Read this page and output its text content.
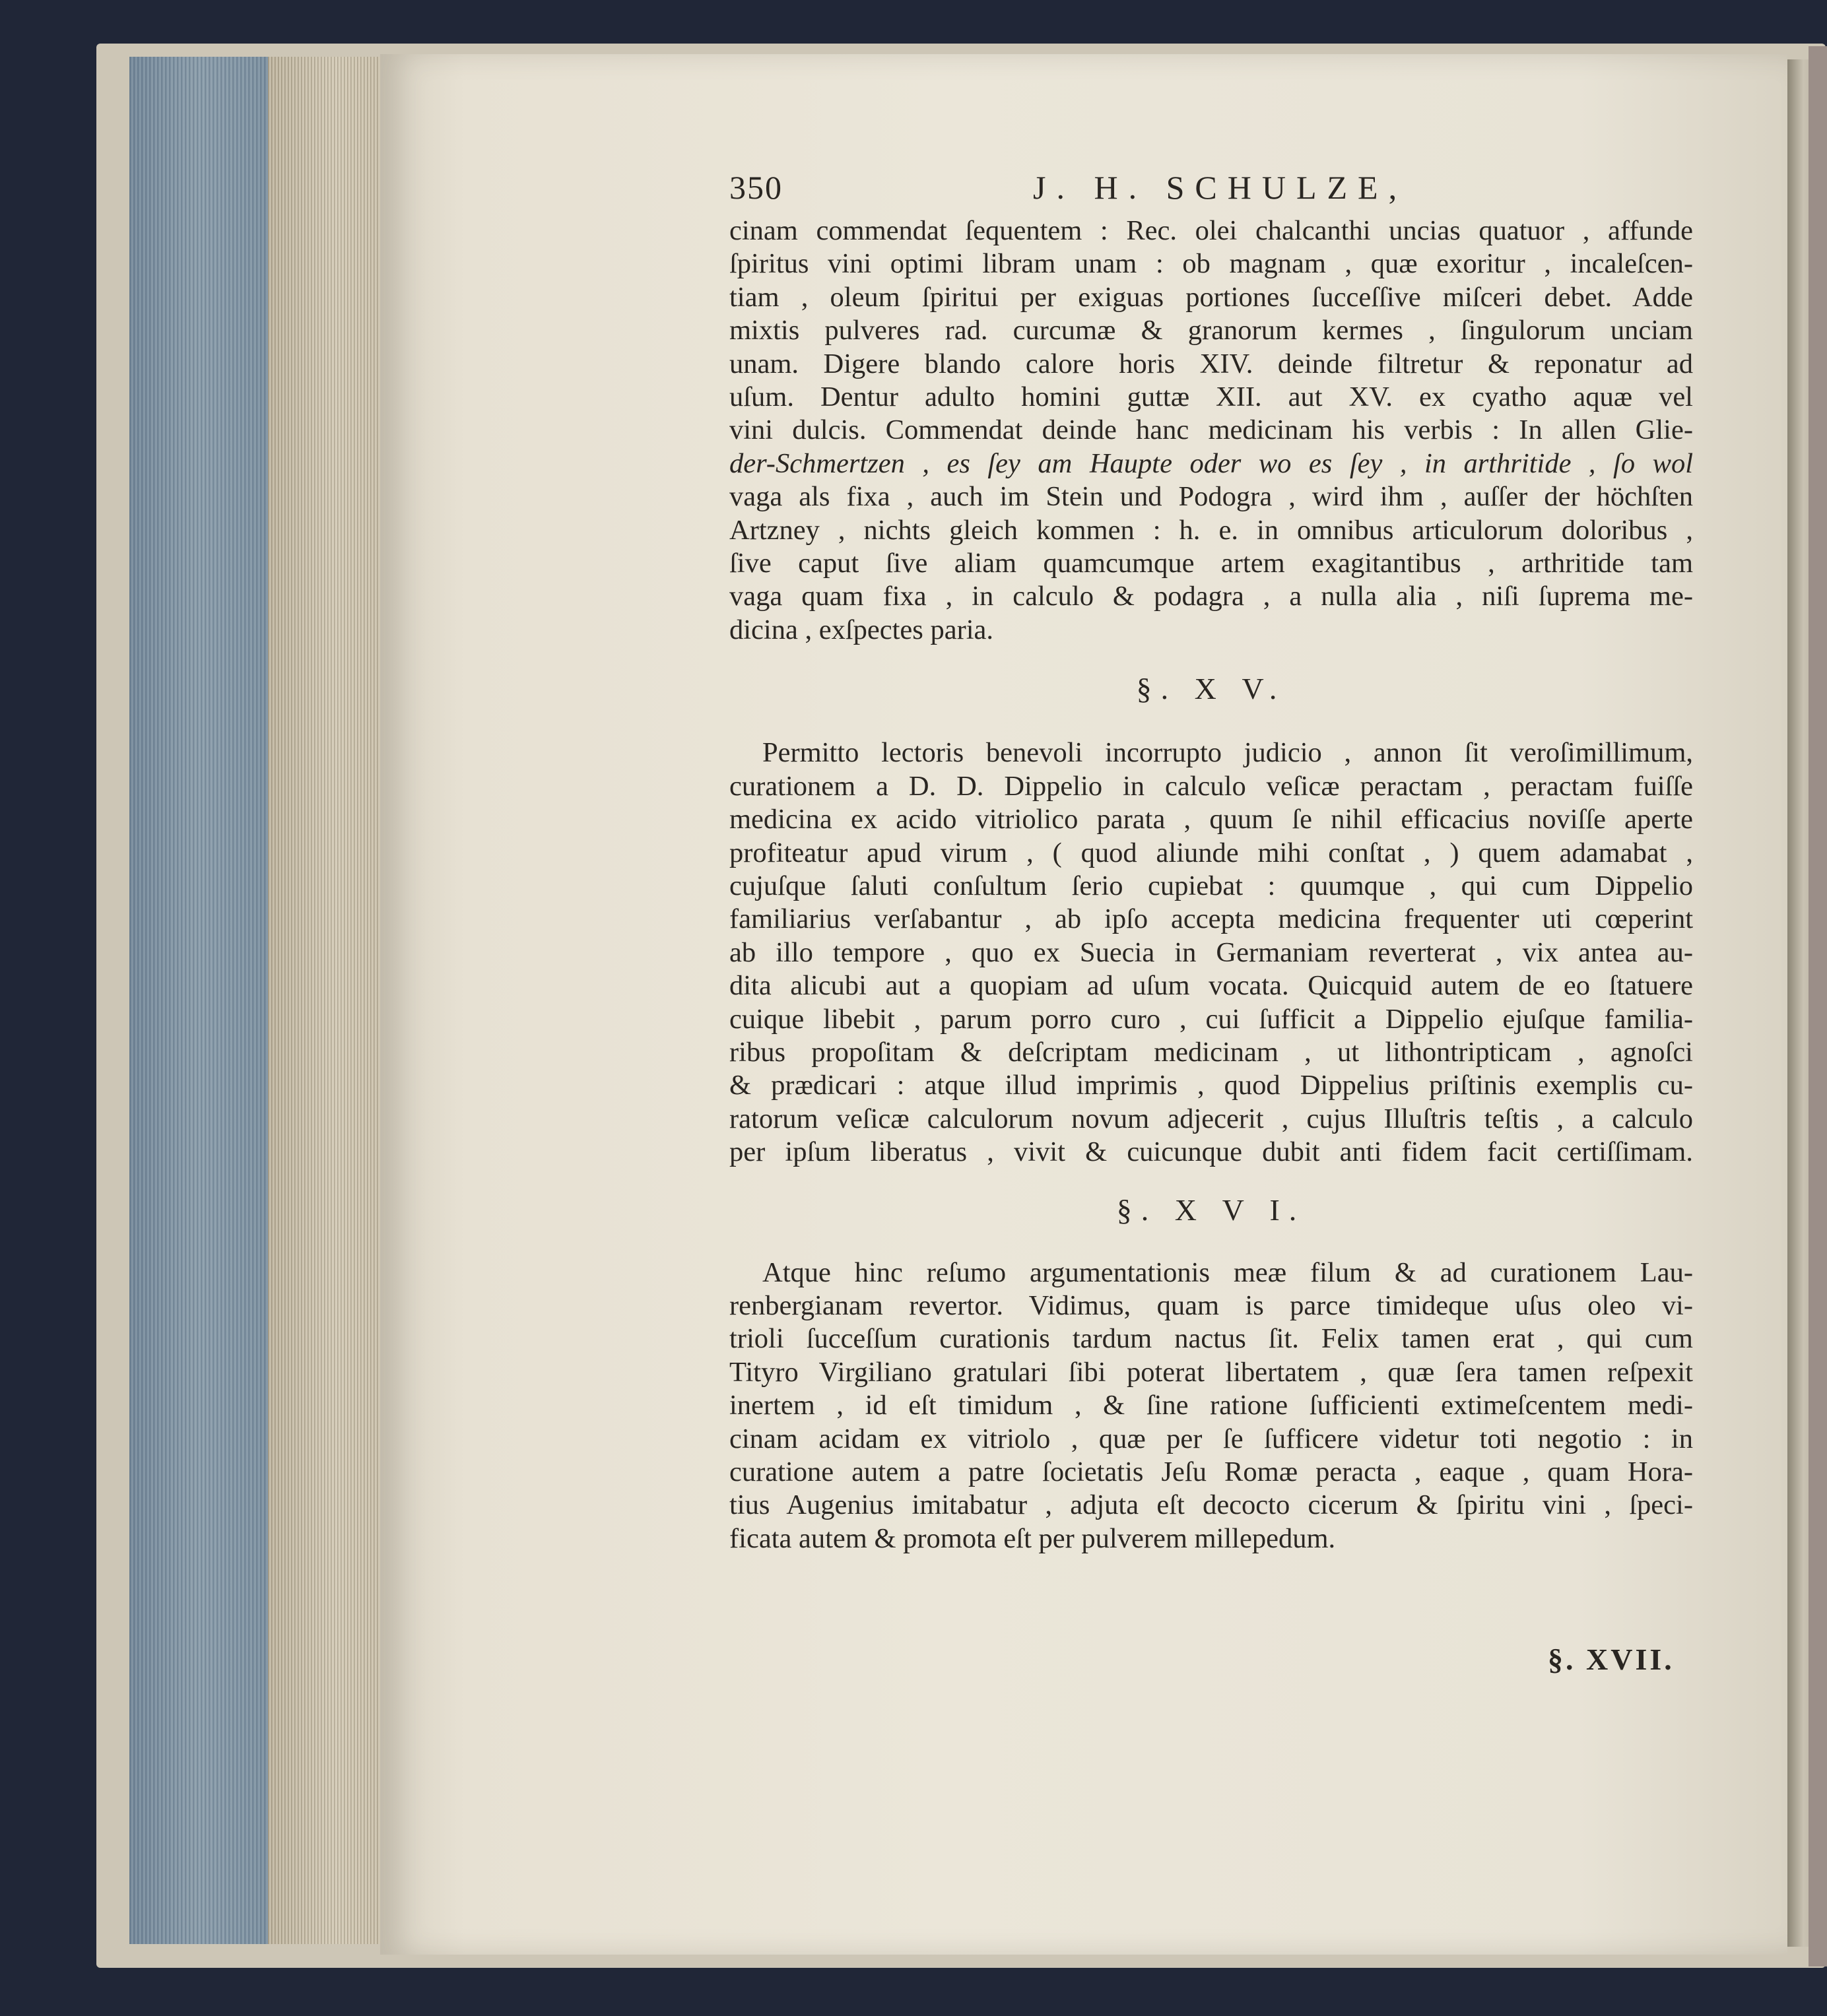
350	J. H. SCHULZE,

cinam commendat ſequentem : Rec. olei chalcanthi uncias quatuor , affunde

ſpiritus vini optimi libram unam : ob magnam , quæ exoritur , incaleſcen-

tiam , oleum ſpiritui per exiguas portiones ſucceſſive miſceri debet. Adde

mixtis pulveres rad. curcumæ & granorum kermes , ſingulorum unciam

unam. Digere blando calore horis XIV. deinde filtretur & reponatur ad

uſum. Dentur adulto homini guttæ XII. aut XV. ex cyatho aquæ vel

vini dulcis. Commendat deinde hanc medicinam his verbis : In allen Glie-

der-Schmertzen , es ſey am Haupte oder wo es ſey , in arthritide , ſo wol

vaga als fixa , auch im Stein und Podogra , wird ihm , auſſer der höchſten

Artzney , nichts gleich kommen : h. e. in omnibus articulorum doloribus ,

ſive caput ſive aliam quamcumque artem exagitantibus , arthritide tam

vaga quam fixa , in calculo & podagra , a nulla alia , niſi ſuprema me-

dicina , exſpectes paria.

§. X V.

Permitto lectoris benevoli incorrupto judicio , annon ſit veroſimillimum,

curationem a D. D. Dippelio in calculo veſicæ peractam , peractam fuiſſe

medicina ex acido vitriolico parata , quum ſe nihil efficacius noviſſe aperte

profiteatur apud virum , ( quod aliunde mihi conſtat , ) quem adamabat ,

cujuſque ſaluti conſultum ſerio cupiebat : quumque , qui cum Dippelio

familiarius verſabantur , ab ipſo accepta medicina frequenter uti cœperint

ab illo tempore , quo ex Suecia in Germaniam reverterat , vix antea au-

dita alicubi aut a quopiam ad uſum vocata. Quicquid autem de eo ſtatuere

cuique libebit , parum porro curo , cui ſufficit a Dippelio ejuſque familia-

ribus propoſitam & deſcriptam medicinam , ut lithontripticam , agnoſci

& prædicari : atque illud imprimis , quod Dippelius priſtinis exemplis cu-

ratorum veſicæ calculorum novum adjecerit , cujus Illuſtris teſtis , a calculo

per ipſum liberatus , vivit & cuicunque dubit anti fidem facit certiſſimam.

§. X V I.

Atque hinc reſumo argumentationis meæ filum & ad curationem Lau-

renbergianam revertor. Vidimus, quam is parce timideque uſus oleo vi-

trioli ſucceſſum curationis tardum nactus ſit. Felix tamen erat , qui cum

Tityro Virgiliano gratulari ſibi poterat libertatem , quæ ſera tamen reſpexit

inertem , id eſt timidum , & ſine ratione ſufficienti extimeſcentem medi-

cinam acidam ex vitriolo , quæ per ſe ſufficere videtur toti negotio : in

curatione autem a patre ſocietatis Jeſu Romæ peracta , eaque , quam Hora-

tius Augenius imitabatur , adjuta eſt decocto cicerum & ſpiritu vini , ſpeci-

ficata autem & promota eſt per pulverem millepedum.

§. XVII.
